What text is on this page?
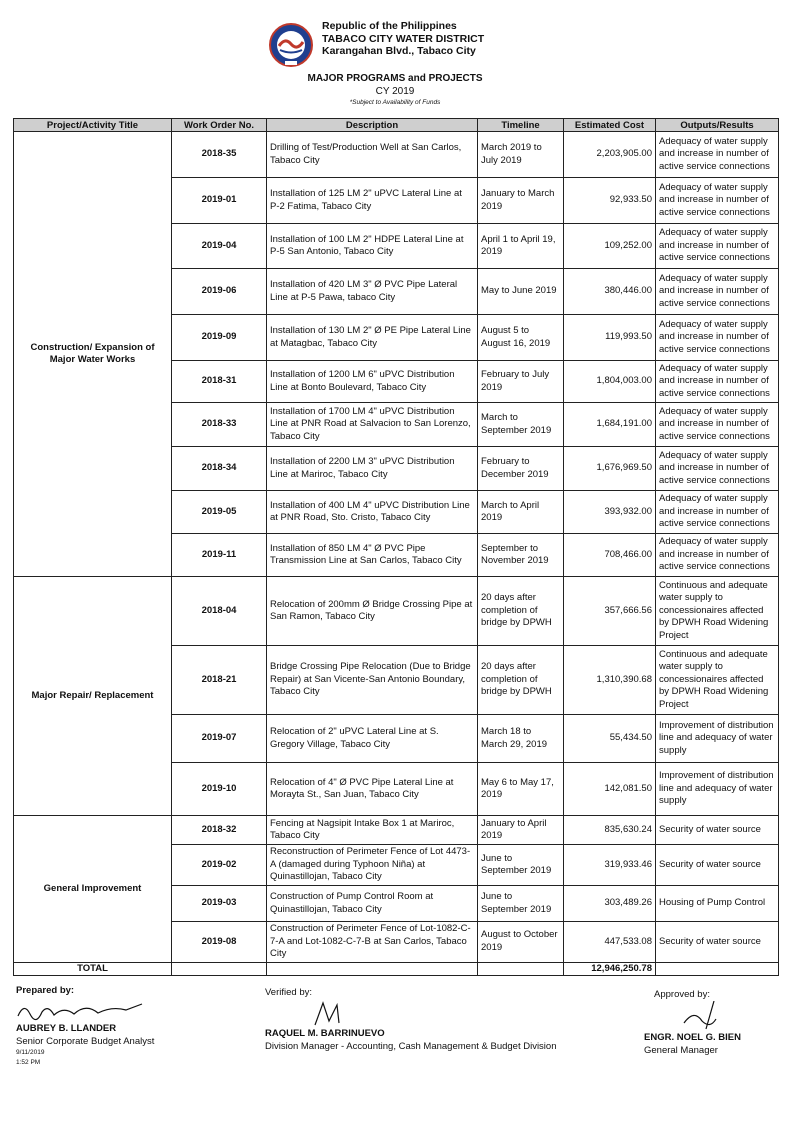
Republic of the Philippines
TABACO CITY WATER DISTRICT
Karangahan Blvd., Tabaco City
MAJOR PROGRAMS and PROJECTS
CY 2019
*Subject to Availability of Funds
Project/Activity Title	Work Order No.	Description	Timeline	Estimated Cost	Outputs/Results
Construction/ Expansion of Major Water Works	2018-35	Drilling of Test/Production Well at San Carlos, Tabaco City	March 2019 to July 2019	2,203,905.00	Adequacy of water supply and increase in number of active service connections
	2019-01	Installation of 125 LM 2" uPVC Lateral Line at P-2 Fatima, Tabaco City	January to March 2019	92,933.50	Adequacy of water supply and increase in number of active service connections
	2019-04	Installation of 100 LM 2" HDPE Lateral Line at P-5 San Antonio, Tabaco City	April 1 to April 19, 2019	109,252.00	Adequacy of water supply and increase in number of active service connections
	2019-06	Installation of 420 LM 3" Ø PVC Pipe Lateral Line at P-5 Pawa, tabaco City	May to June 2019	380,446.00	Adequacy of water supply and increase in number of active service connections
	2019-09	Installation of 130 LM 2" Ø PE Pipe Lateral Line at Matagbac, Tabaco City	August 5 to August 16, 2019	119,993.50	Adequacy of water supply and increase in number of active service connections
	2018-31	Installation of 1200 LM 6" uPVC Distribution Line at Bonto Boulevard, Tabaco City	February to July 2019	1,804,003.00	Adequacy of water supply and increase in number of active service connections
	2018-33	Installation of 1700 LM 4" uPVC Distribution Line at PNR Road at Salvacion to San Lorenzo, Tabaco City	March to September 2019	1,684,191.00	Adequacy of water supply and increase in number of active service connections
	2018-34	Installation of 2200 LM 3" uPVC Distribution Line at Mariroc, Tabaco City	February to December 2019	1,676,969.50	Adequacy of water supply and increase in number of active service connections
	2019-05	Installation of 400 LM 4" uPVC Distribution Line at PNR Road, Sto. Cristo, Tabaco City	March to April 2019	393,932.00	Adequacy of water supply and increase in number of active service connections
	2019-11	Installation of 850 LM 4" Ø PVC Pipe Transmission Line at San Carlos, Tabaco City	September to November 2019	708,466.00	Adequacy of water supply and increase in number of active service connections
Major Repair/ Replacement	2018-04	Relocation of 200mm Ø Bridge Crossing Pipe at San Ramon, Tabaco City	20 days after completion of bridge by DPWH	357,666.56	Continuous and adequate water supply to concessionaires affected by DPWH Road Widening Project
	2018-21	Bridge Crossing Pipe Relocation (Due to Bridge Repair) at San Vicente-San Antonio Boundary, Tabaco City	20 days after completion of bridge by DPWH	1,310,390.68	Continuous and adequate water supply to concessionaires affected by DPWH Road Widening Project
	2019-07	Relocation of 2" uPVC Lateral Line at S. Gregory Village, Tabaco City	March 18 to March 29, 2019	55,434.50	Improvement of distribution line and adequacy of water supply
	2019-10	Relocation of 4" Ø PVC Pipe Lateral Line at Morayta St., San Juan, Tabaco City	May 6 to May 17, 2019	142,081.50	Improvement of distribution line and adequacy of water supply
General Improvement	2018-32	Fencing at Nagsipit Intake Box 1 at Mariroc, Tabaco City	January to April 2019	835,630.24	Security of water source
	2019-02	Reconstruction of Perimeter Fence of Lot 4473-A (damaged during Typhoon Niña) at Quinastillojan, Tabaco City	June to September 2019	319,933.46	Security of water source
	2019-03	Construction of Pump Control Room at Quinastillojan, Tabaco City	June to September 2019	303,489.26	Housing of Pump Control
	2019-08	Construction of Perimeter Fence of Lot-1082-C-7-A and Lot-1082-C-7-B at San Carlos, Tabaco City	August to October 2019	447,533.08	Security of water source
TOTAL				12,946,250.78	
Prepared by:
AUBREY B. LLANDER
Senior Corporate Budget Analyst
9/11/2019
1:52 PM
Verified by:
RAQUEL M. BARRINUEVO
Division Manager - Accounting, Cash Management & Budget Division
Approved by:
ENGR. NOEL G. BIEN
General Manager
